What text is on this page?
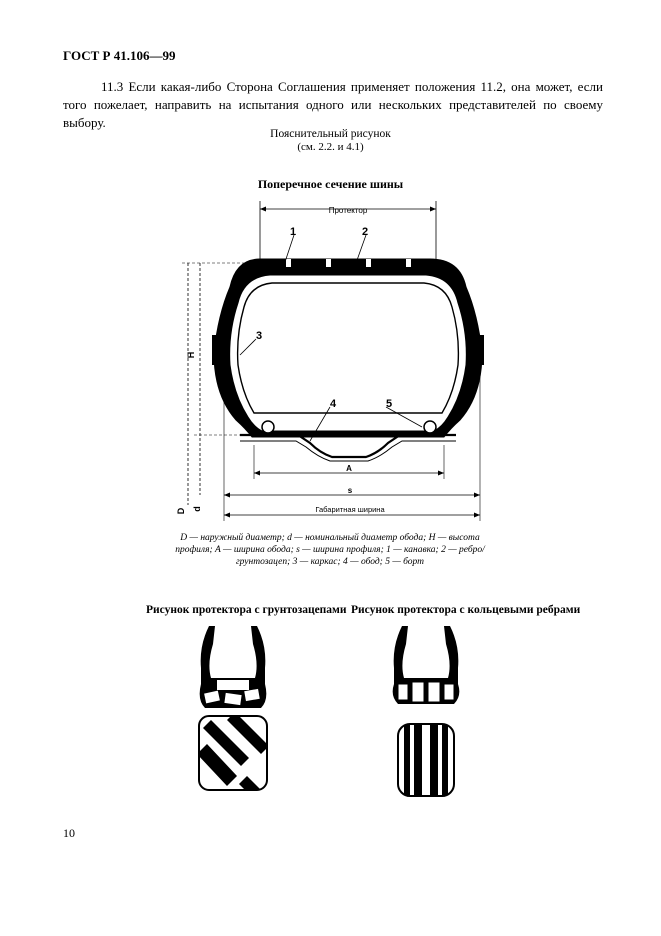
ГОСТ Р 41.106—99
11.3 Если какая-либо Сторона Соглашения применяет положения 11.2, она может, если того пожелает, направить на испытания одного или нескольких представителей по своему выбору.
Пояснительный рисунок
(см. 2.2. и 4.1)
Поперечное сечение шины
Протектор
1	2
3
4	5
H
D d
A
s
Габаритная ширина
D — наружный диаметр; d — номинальный диаметр обода; H — высота профиля; A — ширина обода; s — ширина профиля; 1 — канавка; 2 — ребро/грунтозацеп; 3 — каркас; 4 — обод; 5 — борт
Рисунок протектора с грунтозацепами Рисунок протектора с кольцевыми ребрами
10
